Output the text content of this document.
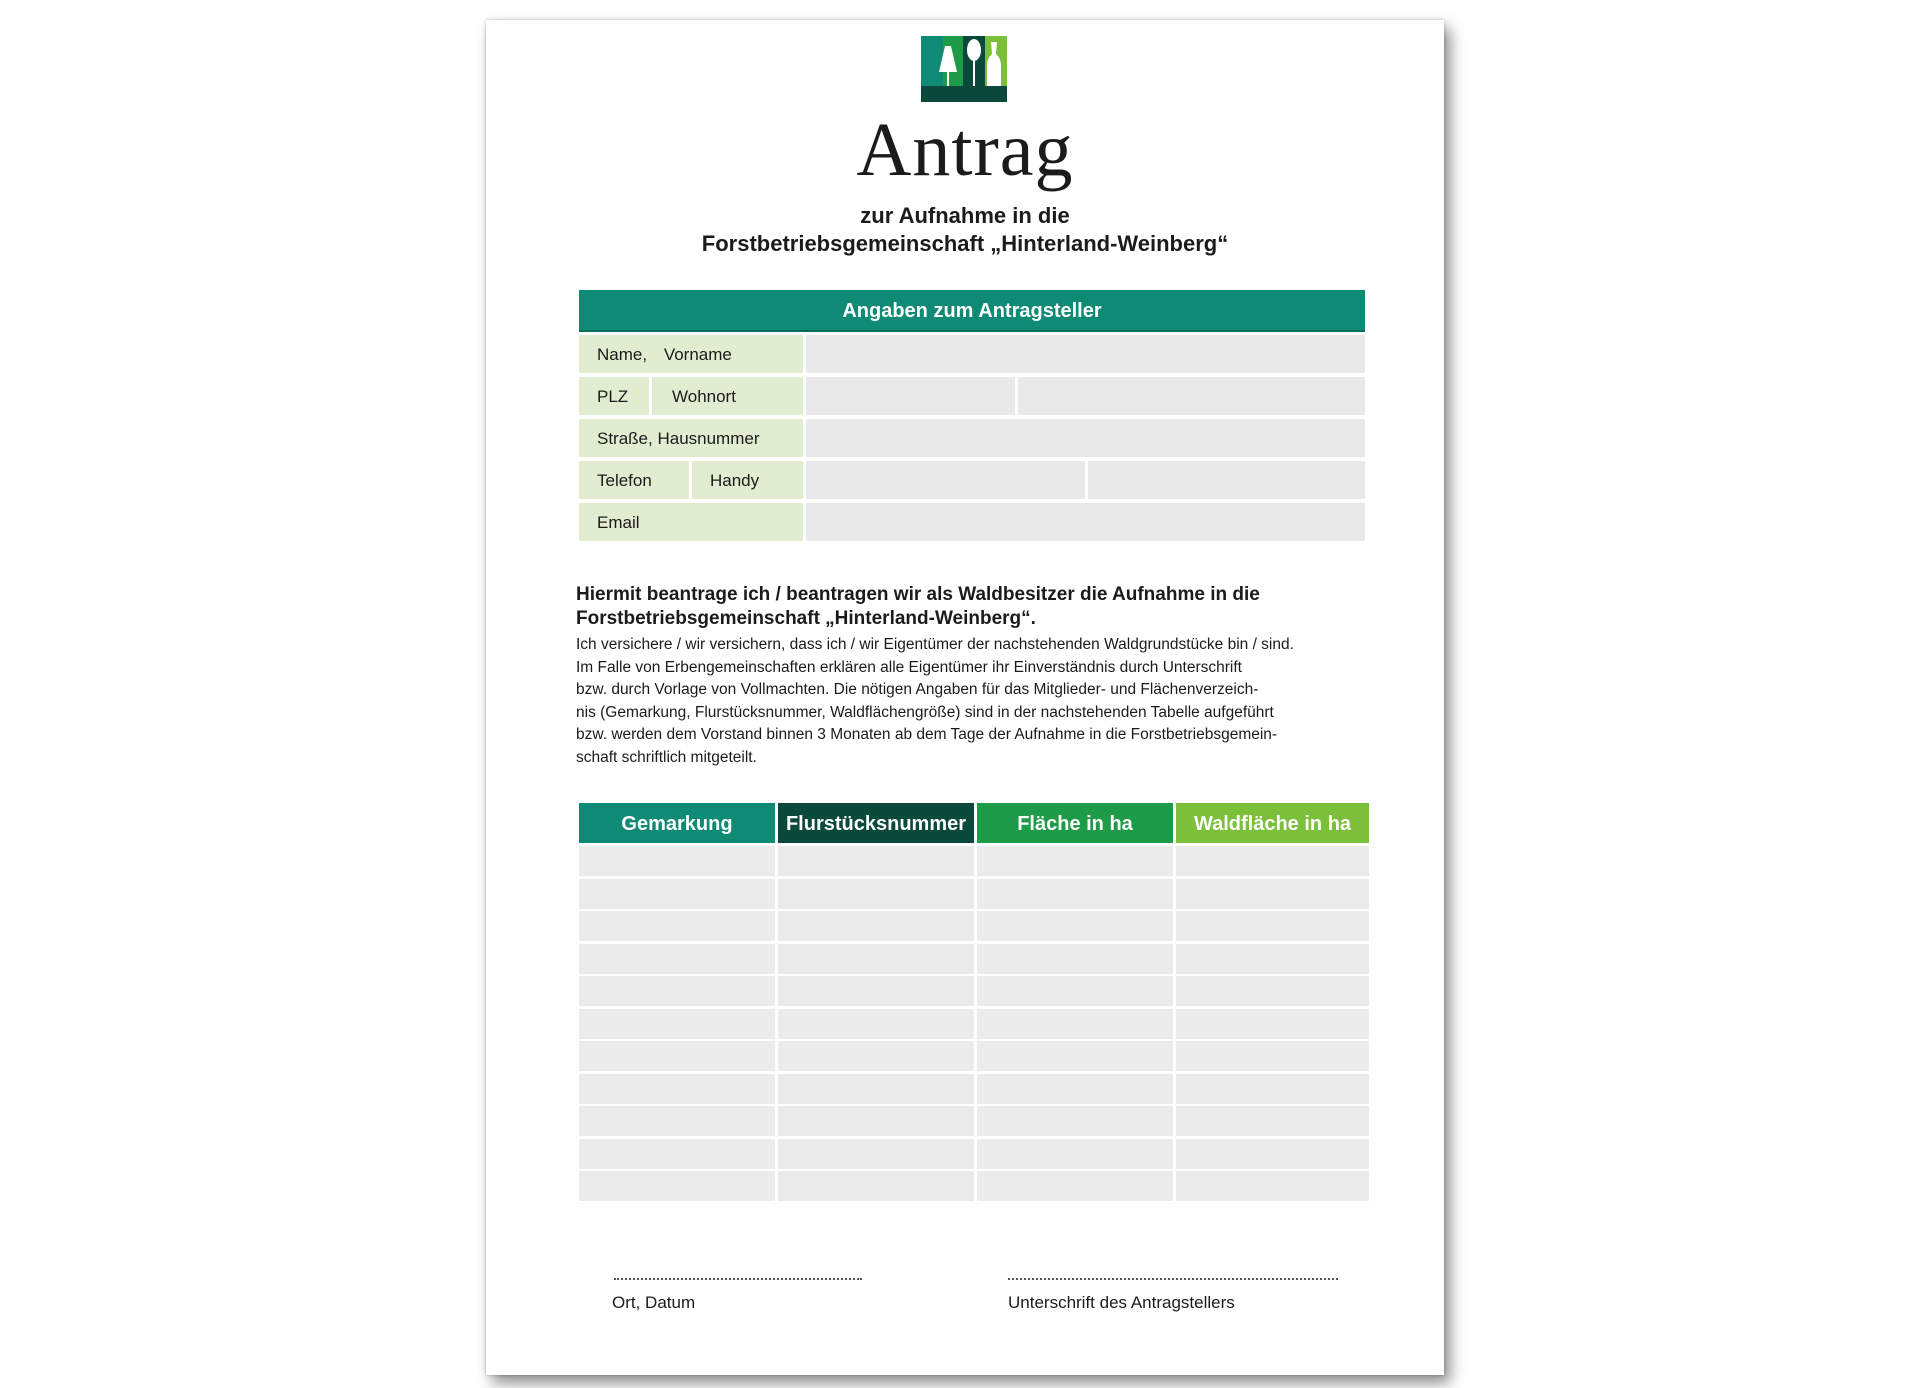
Antrag
zur Aufnahme in die
Forstbetriebsgemeinschaft „Hinterland-Weinberg“
Angaben zum Antragsteller
Name, Vorname
PLZ	Wohnort
Straße, Hausnummer
Telefon	Handy
Email
Hiermit beantrage ich / beantragen wir als Waldbesitzer die Aufnahme in die
Forstbetriebsgemeinschaft „Hinterland-Weinberg“.
Ich versichere / wir versichern, dass ich / wir Eigentümer der nachstehenden Waldgrundstücke bin / sind.
Im Falle von Erbengemeinschaften erklären alle Eigentümer ihr Einverständnis durch Unterschrift
bzw. durch Vorlage von Vollmachten. Die nötigen Angaben für das Mitglieder- und Flächenverzeich-
nis (Gemarkung, Flurstücksnummer, Waldflächengröße) sind in der nachstehenden Tabelle aufgeführt
bzw. werden dem Vorstand binnen 3 Monaten ab dem Tage der Aufnahme in die Forstbetriebsgemein-
schaft schriftlich mitgeteilt.
Gemarkung	Flurstücksnummer	Fläche in ha	Waldfläche in ha
Ort, Datum	Unterschrift des Antragstellers
